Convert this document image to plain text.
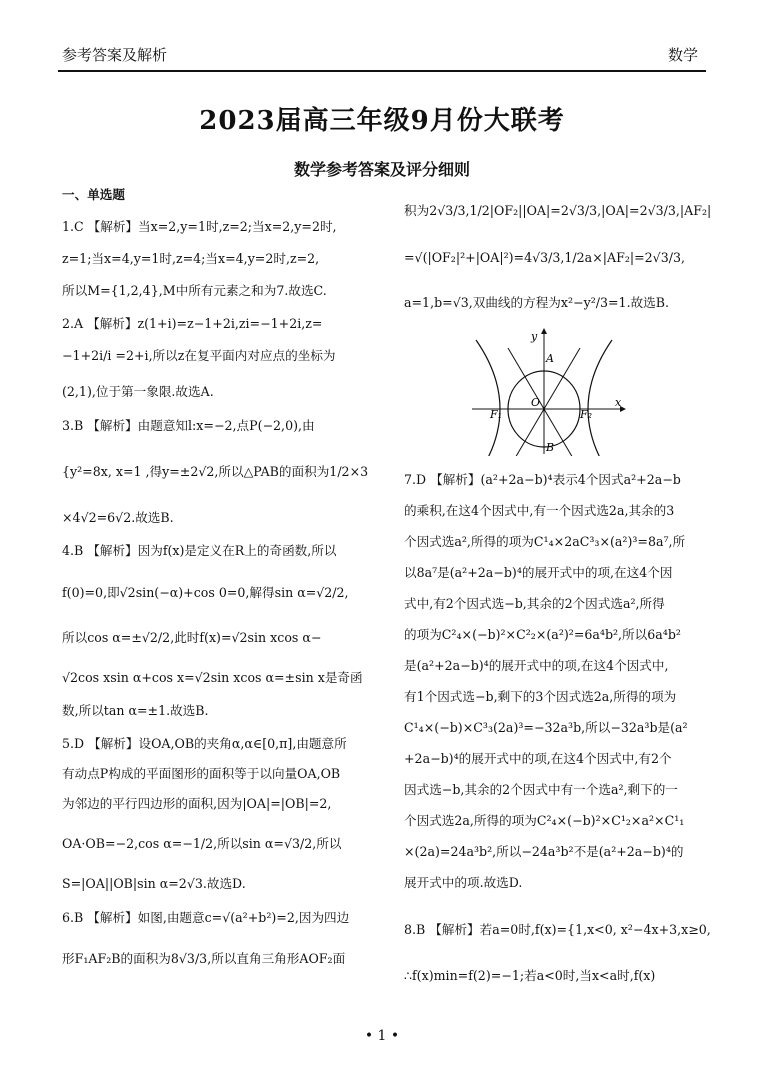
参考答案及解析	数学
2023届高三年级9月份大联考
数学参考答案及评分细则
一、单选题
1.C 【解析】当x=2,y=1时,z=2;当x=2,y=2时,
z=1;当x=4,y=1时,z=4;当x=4,y=2时,z=2,
所以M={1,2,4},M中所有元素之和为7.故选C.
2.A 【解析】z(1+i)=z−1+2i,zi=−1+2i,z=
−1+2i/i =2+i,所以z在复平面内对应点的坐标为
(2,1),位于第一象限.故选A.
3.B 【解析】由题意知l:x=−2,点P(−2,0),由
{y²=8x, x=1 ,得y=±2√2,所以△PAB的面积为1/2×3
×4√2=6√2.故选B.
4.B 【解析】因为f(x)是定义在R上的奇函数,所以
f(0)=0,即√2sin(−α)+cos 0=0,解得sin α=√2/2,
所以cos α=±√2/2,此时f(x)=√2sin xcos α−
√2cos xsin α+cos x=√2sin xcos α=±sin x是奇函
数,所以tan α=±1.故选B.
5.D 【解析】设OA,OB的夹角α,α∈[0,π],由题意所
有动点P构成的平面图形的面积等于以向量OA,OB
为邻边的平行四边形的面积,因为|OA|=|OB|=2,
OA·OB=−2,cos α=−1/2,所以sin α=√3/2,所以
S=|OA||OB|sin α=2√3.故选D.
6.B 【解析】如图,由题意c=√(a²+b²)=2,因为四边
形F₁AF₂B的面积为8√3/3,所以直角三角形AOF₂面
积为2√3/3,1/2|OF₂||OA|=2√3/3,|OA|=2√3/3,|AF₂|
=√(|OF₂|²+|OA|²)=4√3/3,1/2a×|AF₂|=2√3/3,
a=1,b=√3,双曲线的方程为x²−y²/3=1.故选B.
7.D 【解析】(a²+2a−b)⁴表示4个因式a²+2a−b
的乘积,在这4个因式中,有一个因式选2a,其余的3
个因式选a²,所得的项为C¹₄×2aC³₃×(a²)³=8a⁷,所
以8a⁷是(a²+2a−b)⁴的展开式中的项,在这4个因
式中,有2个因式选−b,其余的2个因式选a²,所得
的项为C²₄×(−b)²×C²₂×(a²)²=6a⁴b²,所以6a⁴b²
是(a²+2a−b)⁴的展开式中的项,在这4个因式中,
有1个因式选−b,剩下的3个因式选2a,所得的项为
C¹₄×(−b)×C³₃(2a)³=−32a³b,所以−32a³b是(a²
+2a−b)⁴的展开式中的项,在这4个因式中,有2个
因式选−b,其余的2个因式中有一个选a²,剩下的一
个因式选2a,所得的项为C²₄×(−b)²×C¹₂×a²×C¹₁
×(2a)=24a³b²,所以−24a³b²不是(a²+2a−b)⁴的
展开式中的项.故选D.
8.B 【解析】若a=0时,f(x)={1,x<0, x²−4x+3,x≥0,
∴f(x)min=f(2)=−1;若a<0时,当x<a时,f(x)
y
x
A
B
O
F₁	F₂
• 1 •
